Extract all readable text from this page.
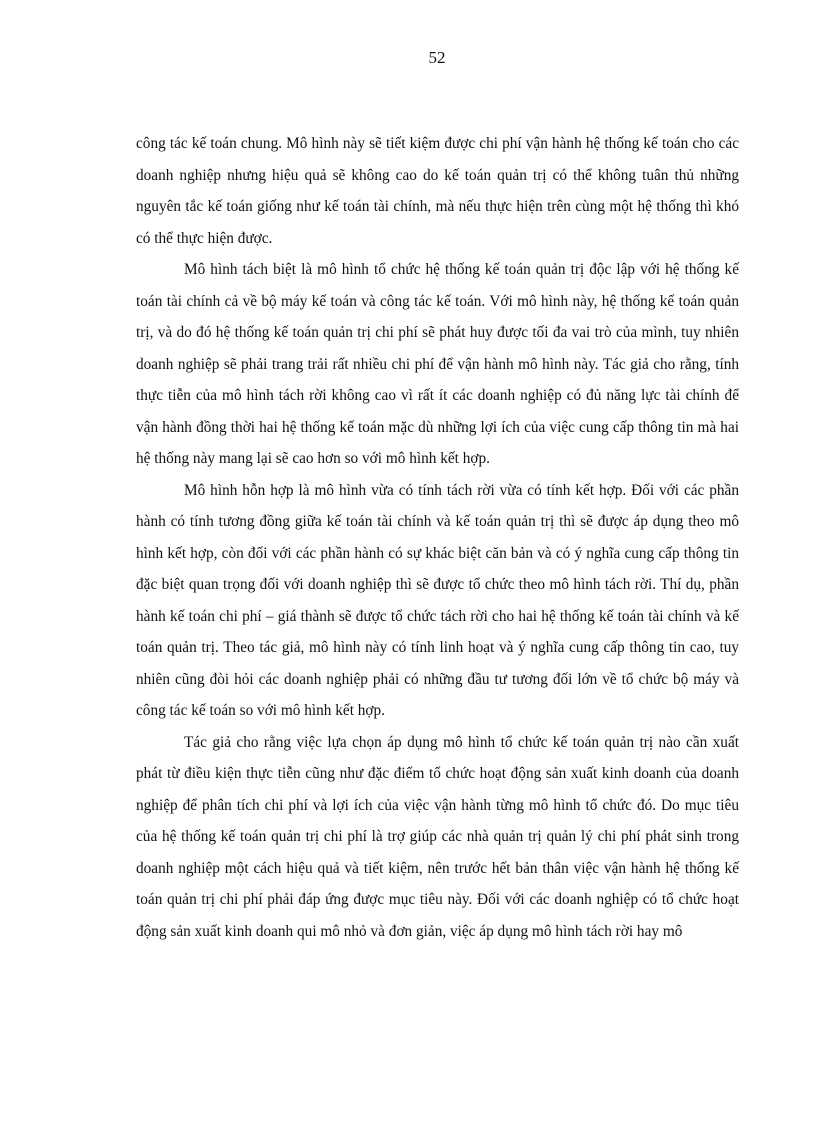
52

công tác kế toán chung. Mô hình này sẽ tiết kiệm được chi phí vận hành hệ thống kế toán cho các doanh nghiệp nhưng hiệu quả sẽ không cao do kế toán quản trị có thể không tuân thủ những nguyên tắc kế toán giống như kế toán tài chính, mà nếu thực hiện trên cùng một hệ thống thì khó có thể thực hiện được.

Mô hình tách biệt là mô hình tổ chức hệ thống kế toán quản trị độc lập với hệ thống kế toán tài chính cả về bộ máy kế toán và công tác kế toán. Với mô hình này, hệ thống kế toán quản trị, và do đó hệ thống kế toán quản trị chi phí sẽ phát huy được tối đa vai trò của mình, tuy nhiên doanh nghiệp sẽ phải trang trải rất nhiều chi phí để vận hành mô hình này. Tác giả cho rằng, tính thực tiễn của mô hình tách rời không cao vì rất ít các doanh nghiệp có đủ năng lực tài chính để vận hành đồng thời hai hệ thống kế toán mặc dù những lợi ích của việc cung cấp thông tin mà hai hệ thống này mang lại sẽ cao hơn so với mô hình kết hợp.

Mô hình hỗn hợp là mô hình vừa có tính tách rời vừa có tính kết hợp. Đối với các phần hành có tính tương đồng giữa kế toán tài chính và kế toán quản trị thì sẽ được áp dụng theo mô hình kết hợp, còn đối với các phần hành có sự khác biệt căn bản và có ý nghĩa cung cấp thông tin đặc biệt quan trọng đối với doanh nghiệp thì sẽ được tổ chức theo mô hình tách rời. Thí dụ, phần hành kế toán chi phí – giá thành sẽ được tổ chức tách rời cho hai hệ thống kế toán tài chính và kế toán quản trị. Theo tác giả, mô hình này có tính linh hoạt và ý nghĩa cung cấp thông tin cao, tuy nhiên cũng đòi hỏi các doanh nghiệp phải có những đầu tư tương đối lớn về tổ chức bộ máy và công tác kế toán so với mô hình kết hợp.

Tác giả cho rằng việc lựa chọn áp dụng mô hình tổ chức kế toán quản trị nào cần xuất phát từ điều kiện thực tiễn cũng như đặc điểm tổ chức hoạt động sản xuất kinh doanh của doanh nghiệp để phân tích chi phí và lợi ích của việc vận hành từng mô hình tổ chức đó. Do mục tiêu của hệ thống kế toán quản trị chi phí là trợ giúp các nhà quản trị quản lý chi phí phát sinh trong doanh nghiệp một cách hiệu quả và tiết kiệm, nên trước hết bản thân việc vận hành hệ thống kế toán quản trị chi phí phải đáp ứng được mục tiêu này. Đối với các doanh nghiệp có tổ chức hoạt động sản xuất kinh doanh qui mô nhỏ và đơn giản, việc áp dụng mô hình tách rời hay mô
